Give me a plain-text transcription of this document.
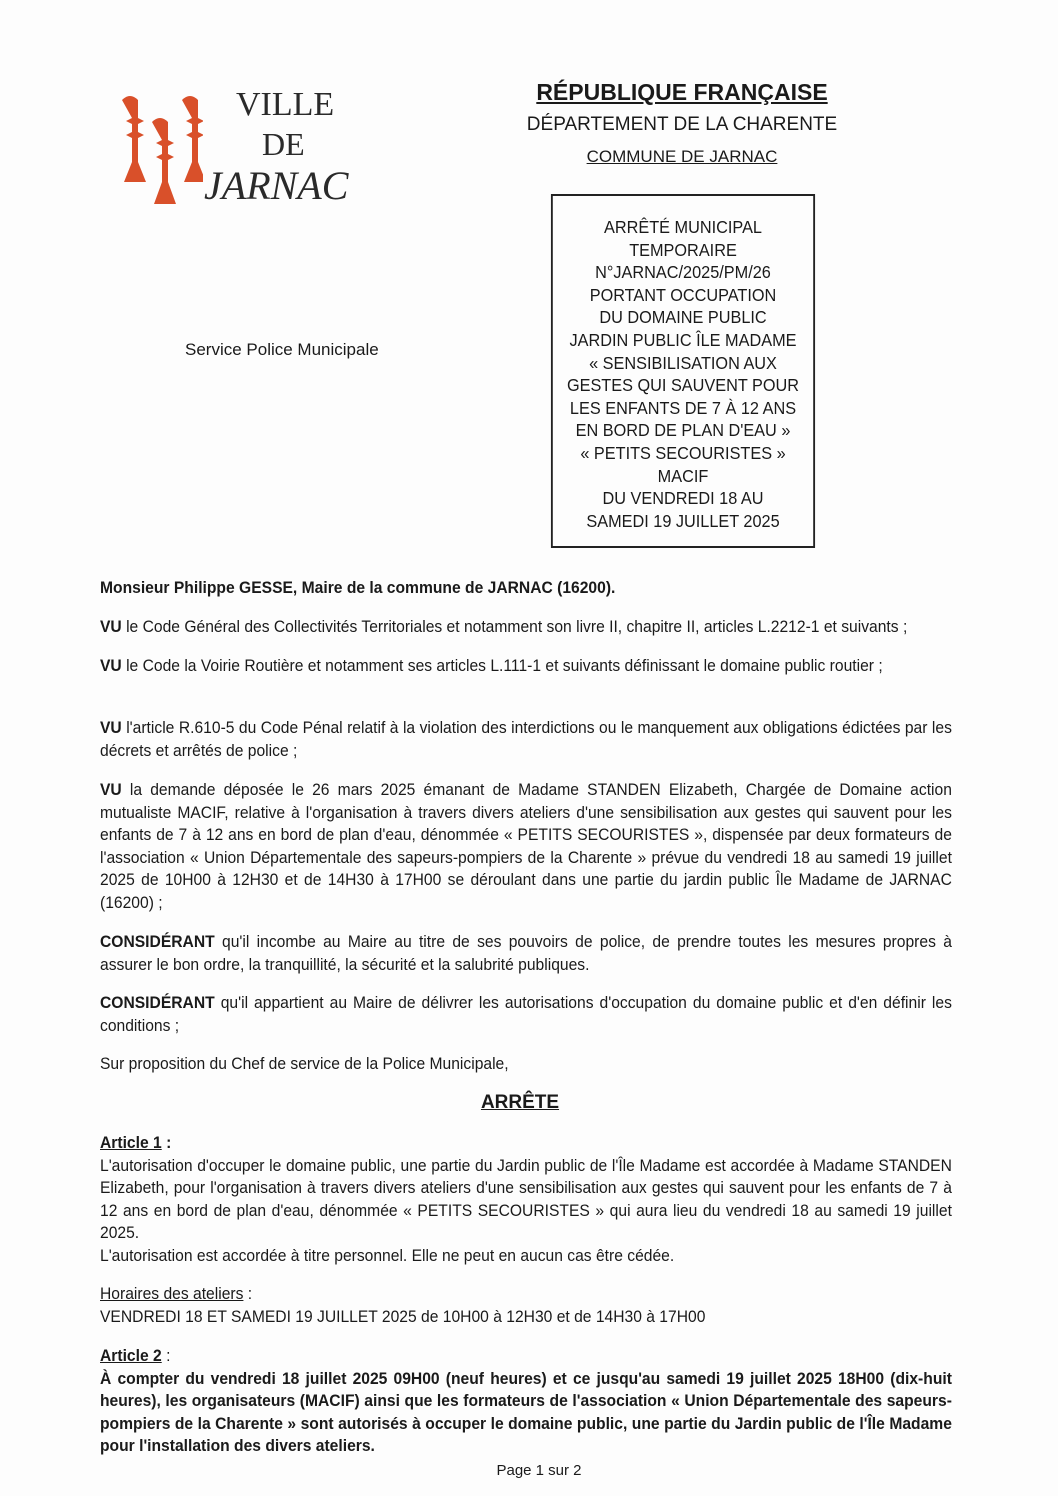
VILLE
DE
JARNAC
RÉPUBLIQUE FRANÇAISE
DÉPARTEMENT DE LA CHARENTE
COMMUNE DE JARNAC
Service Police Municipale
ARRÊTÉ MUNICIPAL
TEMPORAIRE
N°JARNAC/2025/PM/26
PORTANT OCCUPATION
DU DOMAINE PUBLIC
JARDIN PUBLIC ÎLE MADAME
« SENSIBILISATION AUX
GESTES QUI SAUVENT POUR
LES ENFANTS DE 7 À 12 ANS
EN BORD DE PLAN D'EAU »
« PETITS SECOURISTES »
MACIF
DU VENDREDI 18 AU
SAMEDI 19 JUILLET 2025
Monsieur Philippe GESSE, Maire de la commune de JARNAC (16200).
VU le Code Général des Collectivités Territoriales et notamment son livre II, chapitre II, articles L.2212-1 et suivants ;
VU le Code la Voirie Routière et notamment ses articles L.111-1 et suivants définissant le domaine public routier ;
VU l'article R.610-5 du Code Pénal relatif à la violation des interdictions ou le manquement aux obligations édictées par les décrets et arrêtés de police ;
VU la demande déposée le 26 mars 2025 émanant de Madame STANDEN Elizabeth, Chargée de Domaine action mutualiste MACIF, relative à l'organisation à travers divers ateliers d'une sensibilisation aux gestes qui sauvent pour les enfants de 7 à 12 ans en bord de plan d'eau, dénommée « PETITS SECOURISTES », dispensée par deux formateurs de l'association « Union Départementale des sapeurs-pompiers de la Charente » prévue du vendredi 18 au samedi 19 juillet 2025 de 10H00 à 12H30 et de 14H30 à 17H00 se déroulant dans une partie du jardin public Île Madame de JARNAC (16200) ;
CONSIDÉRANT qu'il incombe au Maire au titre de ses pouvoirs de police, de prendre toutes les mesures propres à assurer le bon ordre, la tranquillité, la sécurité et la salubrité publiques.
CONSIDÉRANT qu'il appartient au Maire de délivrer les autorisations d'occupation du domaine public et d'en définir les conditions ;
Sur proposition du Chef de service de la Police Municipale,
ARRÊTE
Article 1 :
L'autorisation d'occuper le domaine public, une partie du Jardin public de l'Île Madame est accordée à Madame STANDEN Elizabeth, pour l'organisation à travers divers ateliers d'une sensibilisation aux gestes qui sauvent pour les enfants de 7 à 12 ans en bord de plan d'eau, dénommée « PETITS SECOURISTES » qui aura lieu du vendredi 18 au samedi 19 juillet 2025.
L'autorisation est accordée à titre personnel. Elle ne peut en aucun cas être cédée.
Horaires des ateliers :
VENDREDI 18 ET SAMEDI 19 JUILLET 2025 de 10H00 à 12H30 et de 14H30 à 17H00
Article 2 :
À compter du vendredi 18 juillet 2025 09H00 (neuf heures) et ce jusqu'au samedi 19 juillet 2025 18H00 (dix-huit heures), les organisateurs (MACIF) ainsi que les formateurs de l'association « Union Départementale des sapeurs-pompiers de la Charente » sont autorisés à occuper le domaine public, une partie du Jardin public de l'Île Madame pour l'installation des divers ateliers.
Page 1 sur 2
